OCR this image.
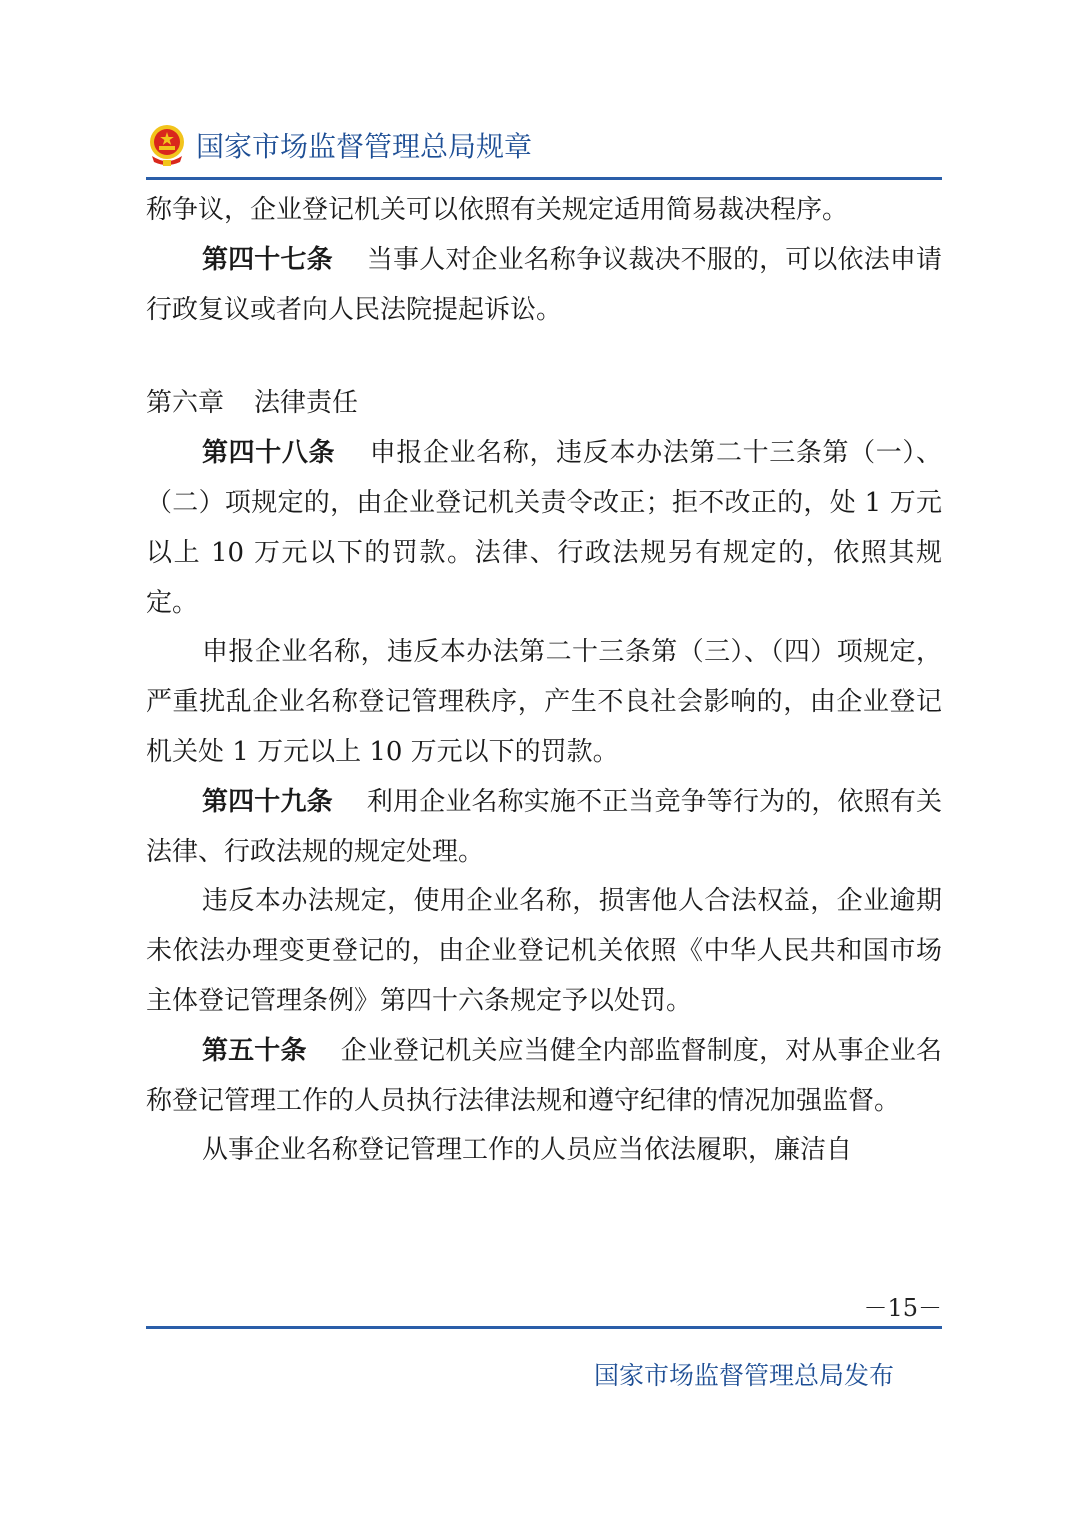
国家市场监督管理总局规章

称争议，企业登记机关可以依照有关规定适用简易裁决程序。

第四十七条 当事人对企业名称争议裁决不服的，可以依法申请行政复议或者向人民法院提起诉讼。

第六章 法律责任

第四十八条 申报企业名称，违反本办法第二十三条第（一）、（二）项规定的，由企业登记机关责令改正；拒不改正的，处 1 万元以上 10 万元以下的罚款。法律、行政法规另有规定的，依照其规定。

申报企业名称，违反本办法第二十三条第（三）、（四）项规定，严重扰乱企业名称登记管理秩序，产生不良社会影响的，由企业登记机关处 1 万元以上 10 万元以下的罚款。

第四十九条 利用企业名称实施不正当竞争等行为的，依照有关法律、行政法规的规定处理。

违反本办法规定，使用企业名称，损害他人合法权益，企业逾期未依法办理变更登记的，由企业登记机关依照《中华人民共和国市场主体登记管理条例》第四十六条规定予以处罚。

第五十条 企业登记机关应当健全内部监督制度，对从事企业名称登记管理工作的人员执行法律法规和遵守纪律的情况加强监督。

从事企业名称登记管理工作的人员应当依法履职，廉洁自

－15－
国家市场监督管理总局发布
